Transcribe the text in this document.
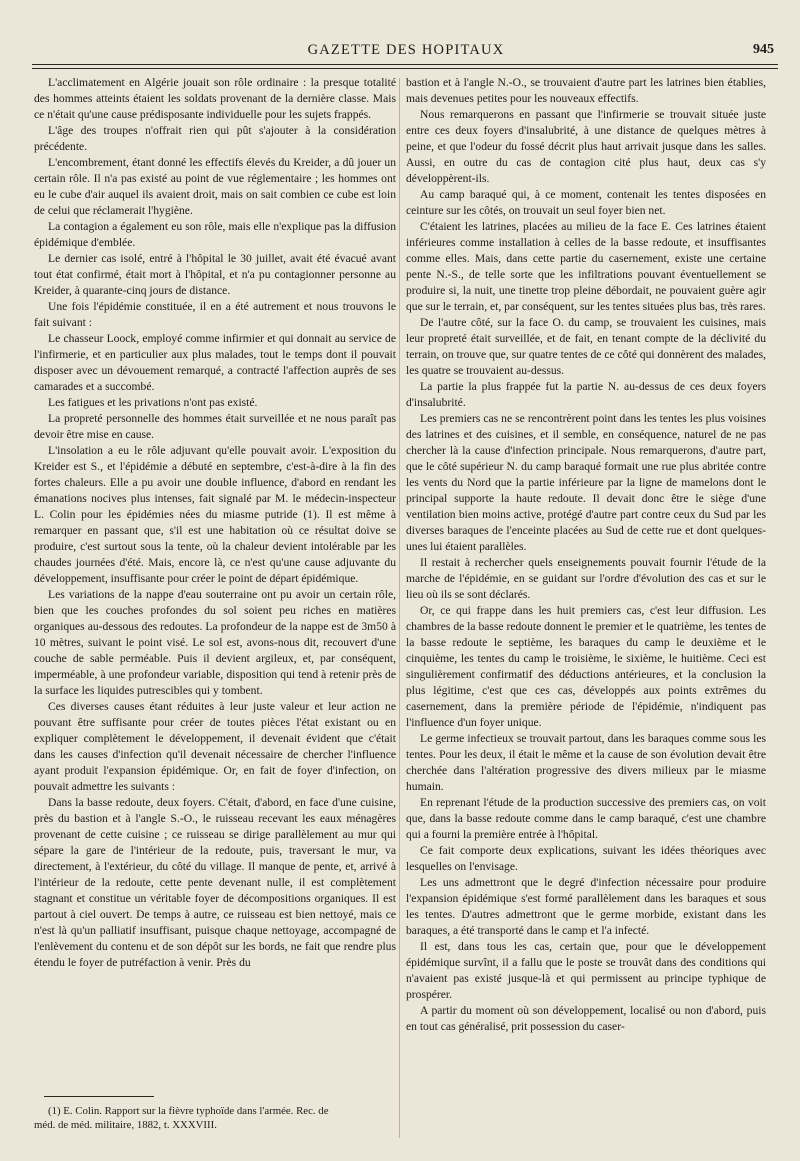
GAZETTE DES HOPITAUX	945

L'acclimatement en Algérie jouait son rôle ordinaire : la presque totalité des hommes atteints étaient les soldats provenant de la dernière classe. Mais ce n'était qu'une cause prédisposante individuelle pour les sujets frappés.

L'âge des troupes n'offrait rien qui pût s'ajouter à la considération précédente.

L'encombrement, étant donné les effectifs élevés du Kreider, a dû jouer un certain rôle. Il n'a pas existé au point de vue réglementaire ; les hommes ont eu le cube d'air auquel ils avaient droit, mais on sait combien ce cube est loin de celui que réclamerait l'hygiène.

La contagion a également eu son rôle, mais elle n'explique pas la diffusion épidémique d'emblée.

Le dernier cas isolé, entré à l'hôpital le 30 juillet, avait été évacué avant tout état confirmé, était mort à l'hôpital, et n'a pu contagionner personne au Kreider, à quarante-cinq jours de distance.

Une fois l'épidémie constituée, il en a été autrement et nous trouvons le fait suivant :

Le chasseur Loock, employé comme infirmier et qui donnait au service de l'infirmerie, et en particulier aux plus malades, tout le temps dont il pouvait disposer avec un dévouement remarqué, a contracté l'affection auprès de ses camarades et a succombé.

Les fatigues et les privations n'ont pas existé.

La propreté personnelle des hommes était surveillée et ne nous paraît pas devoir être mise en cause.

L'insolation a eu le rôle adjuvant qu'elle pouvait avoir. L'exposition du Kreider est S., et l'épidémie a débuté en septembre, c'est-à-dire à la fin des fortes chaleurs. Elle a pu avoir une double influence, d'abord en rendant les émanations nocives plus intenses, fait signalé par M. le médecin-inspecteur L. Colin pour les épidémies nées du miasme putride (1). Il est même à remarquer en passant que, s'il est une habitation où ce résultat doive se produire, c'est surtout sous la tente, où la chaleur devient intolérable par les chaudes journées d'été. Mais, encore là, ce n'est qu'une cause adjuvante du développement, insuffisante pour créer le point de départ épidémique.

Les variations de la nappe d'eau souterraine ont pu avoir un certain rôle, bien que les couches profondes du sol soient peu riches en matières organiques au-dessous des redoutes. La profondeur de la nappe est de 3m50 à 10 mètres, suivant le point visé. Le sol est, avons-nous dit, recouvert d'une couche de sable perméable. Puis il devient argileux, et, par conséquent, imperméable, à une profondeur variable, disposition qui tend à retenir près de la surface les liquides putrescibles qui y tombent.

Ces diverses causes étant réduites à leur juste valeur et leur action ne pouvant être suffisante pour créer de toutes pièces l'état existant ou en expliquer complètement le développement, il devenait évident que c'était dans les causes d'infection qu'il devenait nécessaire de chercher l'influence ayant produit l'expansion épidémique. Or, en fait de foyer d'infection, on pouvait admettre les suivants :

Dans la basse redoute, deux foyers. C'était, d'abord, en face d'une cuisine, près du bastion et à l'angle S.-O., le ruisseau recevant les eaux ménagères provenant de cette cuisine ; ce ruisseau se dirige parallèlement au mur qui sépare la gare de l'intérieur de la redoute, puis, traversant le mur, va directement, à l'extérieur, du côté du village. Il manque de pente, et, arrivé à l'intérieur de la redoute, cette pente devenant nulle, il est complètement stagnant et constitue un véritable foyer de décompositions organiques. Il est partout à ciel ouvert. De temps à autre, ce ruisseau est bien nettoyé, mais ce n'est là qu'un palliatif insuffisant, puisque chaque nettoyage, accompagné de l'enlèvement du contenu et de son dépôt sur les bords, ne fait que rendre plus étendu le foyer de putréfaction à venir. Près du

bastion et à l'angle N.-O., se trouvaient d'autre part les latrines bien établies, mais devenues petites pour les nouveaux effectifs.

Nous remarquerons en passant que l'infirmerie se trouvait située juste entre ces deux foyers d'insalubrité, à une distance de quelques mètres à peine, et que l'odeur du fossé décrit plus haut arrivait jusque dans les salles. Aussi, en outre du cas de contagion cité plus haut, deux cas s'y développèrent-ils.

Au camp baraqué qui, à ce moment, contenait les tentes disposées en ceinture sur les côtés, on trouvait un seul foyer bien net.

C'étaient les latrines, placées au milieu de la face E. Ces latrines étaient inférieures comme installation à celles de la basse redoute, et insuffisantes comme elles. Mais, dans cette partie du casernement, existe une certaine pente N.-S., de telle sorte que les infiltrations pouvant éventuellement se produire si, la nuit, une tinette trop pleine débordait, ne pouvaient guère agir que sur le terrain, et, par conséquent, sur les tentes situées plus bas, très rares.

De l'autre côté, sur la face O. du camp, se trouvaient les cuisines, mais leur propreté était surveillée, et de fait, en tenant compte de la déclivité du terrain, on trouve que, sur quatre tentes de ce côté qui donnèrent des malades, les quatre se trouvaient au-dessus.

La partie la plus frappée fut la partie N. au-dessus de ces deux foyers d'insalubrité.

Les premiers cas ne se rencontrèrent point dans les tentes les plus voisines des latrines et des cuisines, et il semble, en conséquence, naturel de ne pas chercher là la cause d'infection principale. Nous remarquerons, d'autre part, que le côté supérieur N. du camp baraqué formait une rue plus abritée contre les vents du Nord que la partie inférieure par la ligne de mamelons dont le principal supporte la haute redoute. Il devait donc être le siège d'une ventilation bien moins active, protégé d'autre part contre ceux du Sud par les diverses baraques de l'enceinte placées au Sud de cette rue et dont quelques-unes lui étaient parallèles.

Il restait à rechercher quels enseignements pouvait fournir l'étude de la marche de l'épidémie, en se guidant sur l'ordre d'évolution des cas et sur le lieu où ils se sont déclarés.

Or, ce qui frappe dans les huit premiers cas, c'est leur diffusion. Les chambres de la basse redoute donnent le premier et le quatrième, les tentes de la basse redoute le septième, les baraques du camp le deuxième et le cinquième, les tentes du camp le troisième, le sixième, le huitième. Ceci est singulièrement confirmatif des déductions antérieures, et la conclusion la plus légitime, c'est que ces cas, développés aux points extrêmes du casernement, dans la première période de l'épidémie, n'indiquent pas l'influence d'un foyer unique.

Le germe infectieux se trouvait partout, dans les baraques comme sous les tentes. Pour les deux, il était le même et la cause de son évolution devait être cherchée dans l'altération progressive des divers milieux par le miasme humain.

En reprenant l'étude de la production successive des premiers cas, on voit que, dans la basse redoute comme dans le camp baraqué, c'est une chambre qui a fourni la première entrée à l'hôpital.

Ce fait comporte deux explications, suivant les idées théoriques avec lesquelles on l'envisage.

Les uns admettront que le degré d'infection nécessaire pour produire l'expansion épidémique s'est formé parallèlement dans les baraques et sous les tentes. D'autres admettront que le germe morbide, existant dans les baraques, a été transporté dans le camp et l'a infecté.

Il est, dans tous les cas, certain que, pour que le développement épidémique survînt, il a fallu que le poste se trouvât dans des conditions qui n'avaient pas existé jusque-là et qui permissent au principe typhique de prospérer.

A partir du moment où son développement, localisé ou non d'abord, puis en tout cas généralisé, prit possession du caser-

(1) E. Colin. Rapport sur la fièvre typhoïde dans l'armée. Rec. de
méd. de méd. militaire, 1882, t. XXXVIII.
